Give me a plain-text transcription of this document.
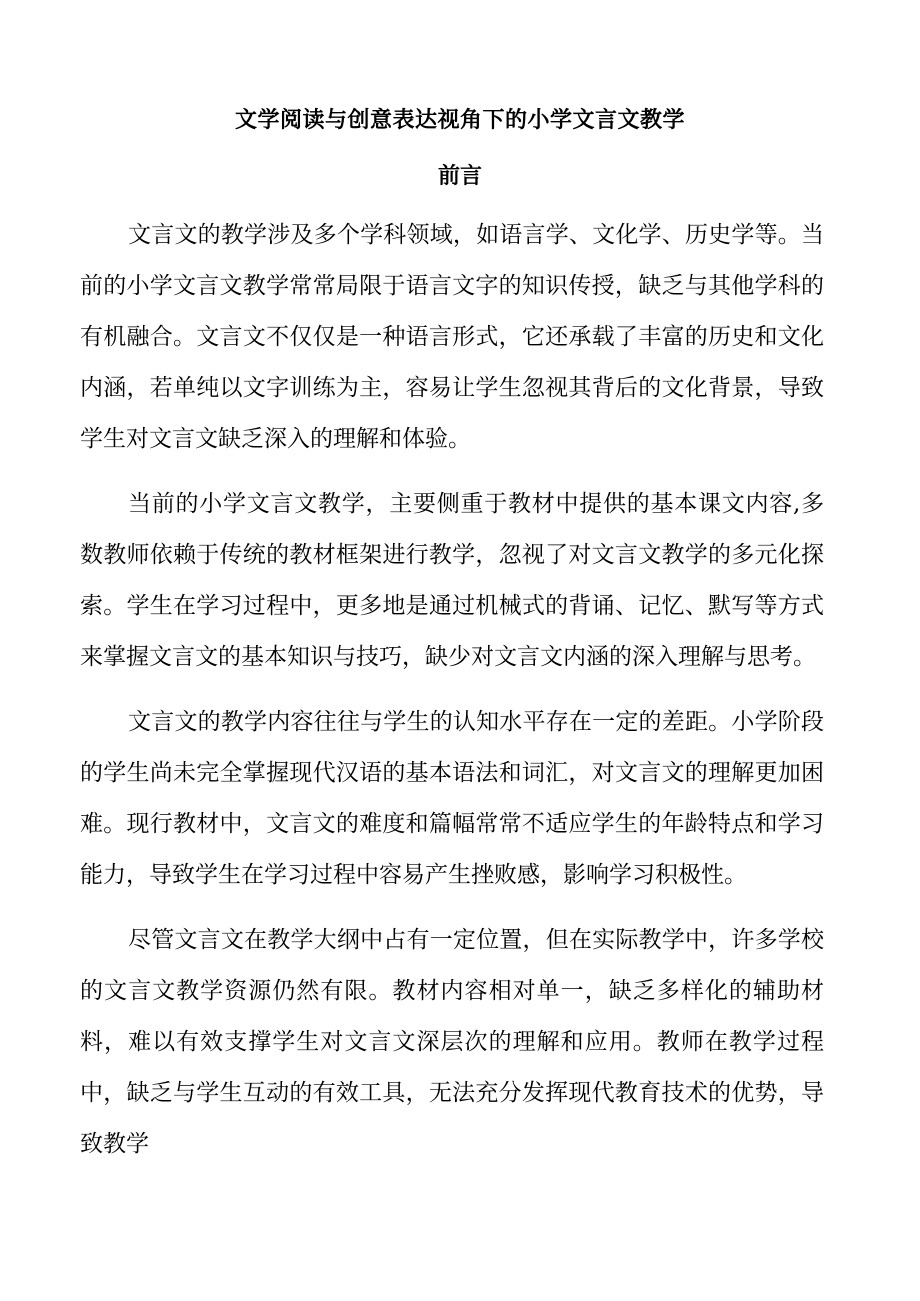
文学阅读与创意表达视角下的小学文言文教学
前言

文言文的教学涉及多个学科领域，如语言学、文化学、历史学等。当前的小学文言文教学常常局限于语言文字的知识传授，缺乏与其他学科的有机融合。文言文不仅仅是一种语言形式，它还承载了丰富的历史和文化内涵，若单纯以文字训练为主，容易让学生忽视其背后的文化背景，导致学生对文言文缺乏深入的理解和体验。

当前的小学文言文教学，主要侧重于教材中提供的基本课文内容,多数教师依赖于传统的教材框架进行教学，忽视了对文言文教学的多元化探索。学生在学习过程中，更多地是通过机械式的背诵、记忆、默写等方式来掌握文言文的基本知识与技巧，缺少对文言文内涵的深入理解与思考。

文言文的教学内容往往与学生的认知水平存在一定的差距。小学阶段的学生尚未完全掌握现代汉语的基本语法和词汇，对文言文的理解更加困难。现行教材中，文言文的难度和篇幅常常不适应学生的年龄特点和学习能力，导致学生在学习过程中容易产生挫败感，影响学习积极性。

尽管文言文在教学大纲中占有一定位置，但在实际教学中，许多学校的文言文教学资源仍然有限。教材内容相对单一，缺乏多样化的辅助材料，难以有效支撑学生对文言文深层次的理解和应用。教师在教学过程中，缺乏与学生互动的有效工具，无法充分发挥现代教育技术的优势，导致教学
